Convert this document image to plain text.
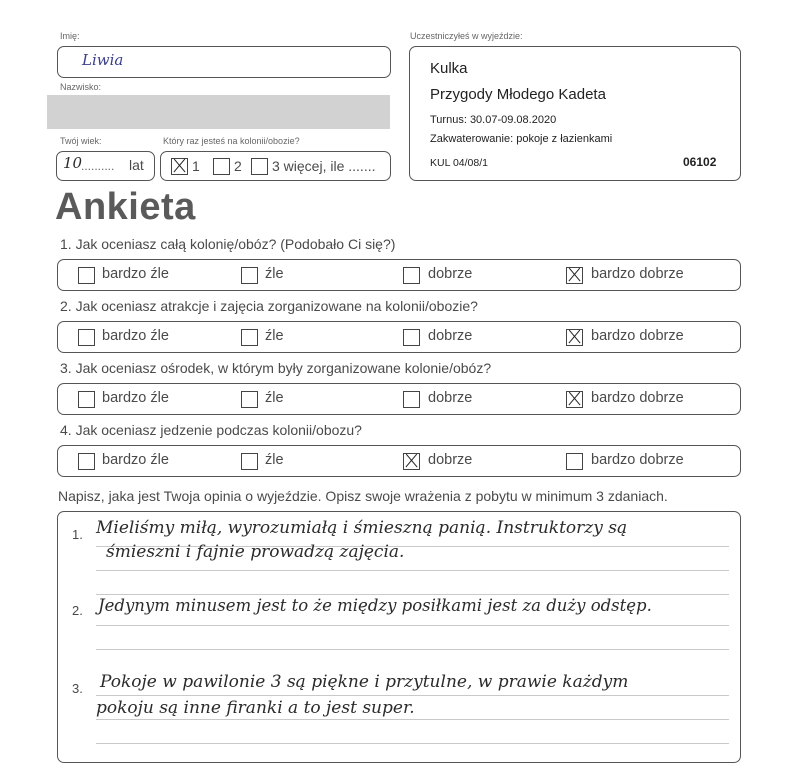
Imię:
Liwia
Nazwisko:
Twój wiek:
10
.......... lat
Który raz jesteś na kolonii/obozie?
1 2 3 więcej, ile .......
Uczestniczyłeś w wyjeździe:
Kulka
Przygody Młodego Kadeta
Turnus: 30.07-09.08.2020
Zakwaterowanie: pokoje z łazienkami
KUL 04/08/1	06102
Ankieta
1. Jak oceniasz całą kolonię/obóz? (Podobało Ci się?)
bardzo źle	źle	dobrze	bardzo dobrze
2. Jak oceniasz atrakcje i zajęcia zorganizowane na kolonii/obozie?
bardzo źle	źle	dobrze	bardzo dobrze
3. Jak oceniasz ośrodek, w którym były zorganizowane kolonie/obóz?
bardzo źle	źle	dobrze	bardzo dobrze
4. Jak oceniasz jedzenie podczas kolonii/obozu?
bardzo źle	źle	dobrze	bardzo dobrze
Napisz, jaka jest Twoja opinia o wyjeździe. Opisz swoje wrażenia z pobytu w minimum 3 zdaniach.
1.
2.
3.
Mieliśmy miłą, wyrozumiałą i śmieszną panią. Instruktorzy są
śmieszni i fajnie prowadzą zajęcia.
Jedynym minusem jest to że między posiłkami jest za duży odstęp.
Pokoje w pawilonie 3 są piękne i przytulne, w prawie każdym
pokoju są inne firanki a to jest super.
